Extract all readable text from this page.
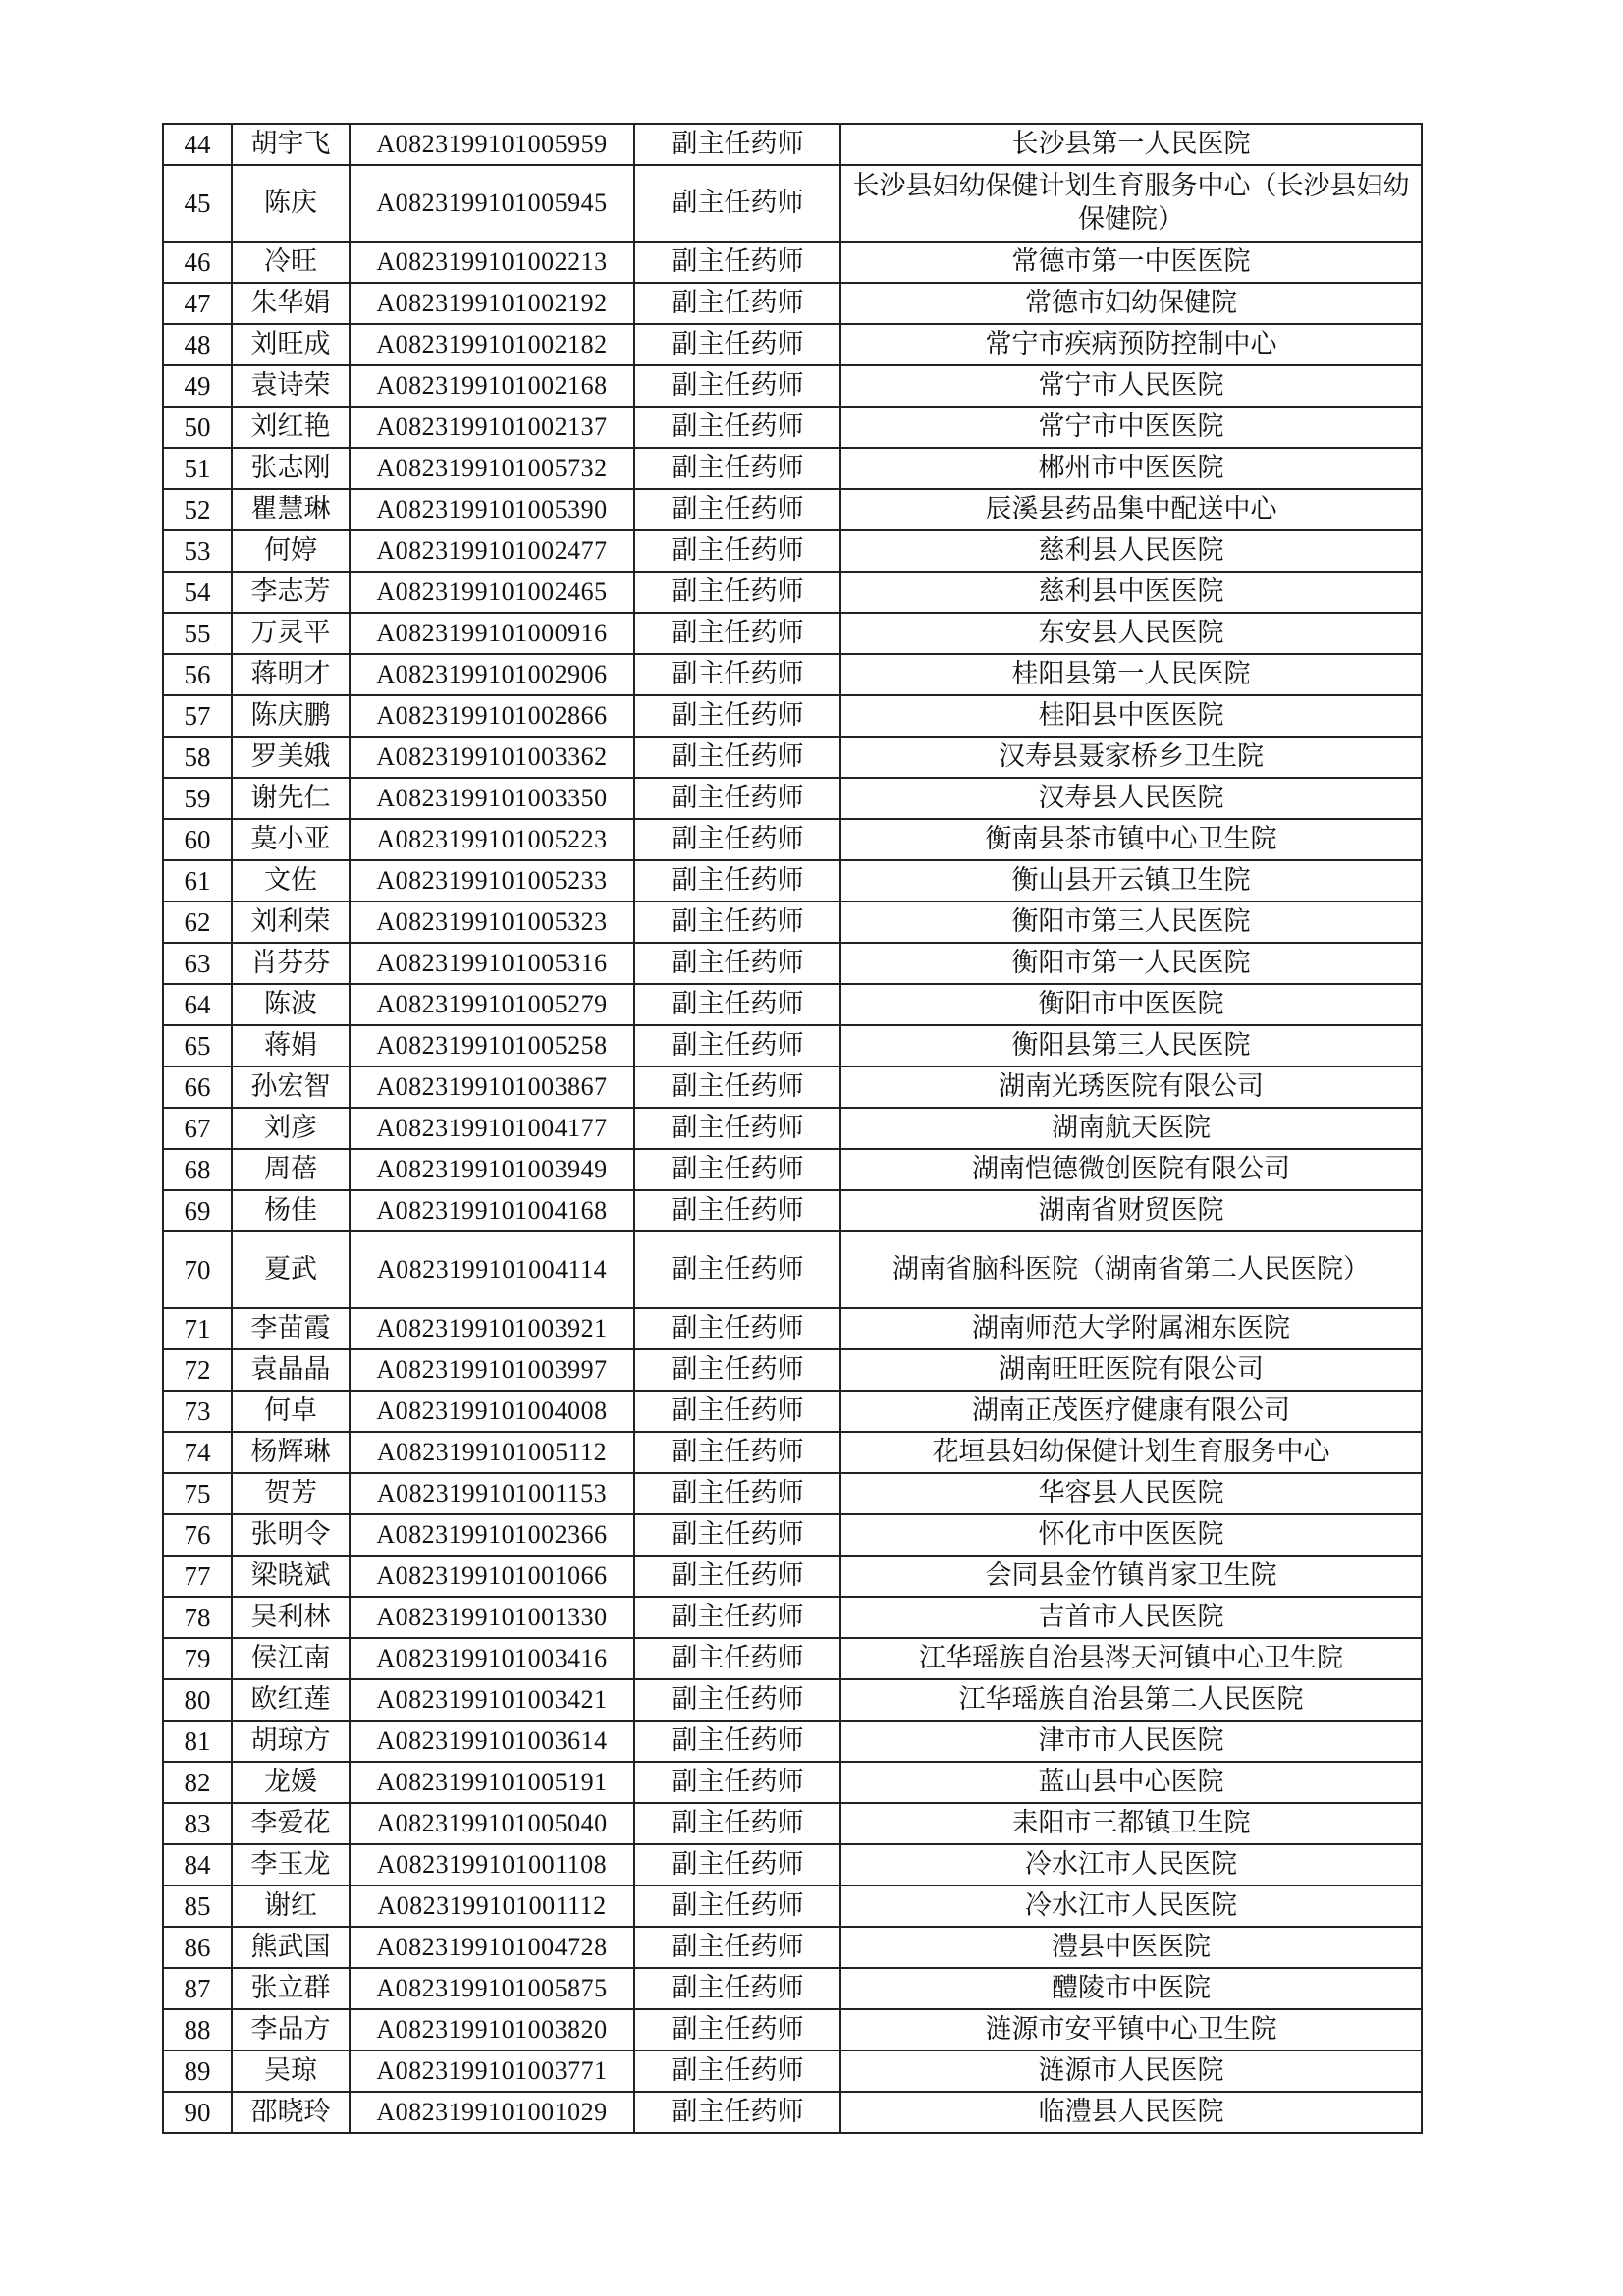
44	胡宇飞	A0823199101005959	副主任药师	长沙县第一人民医院
45	陈庆	A0823199101005945	副主任药师	长沙县妇幼保健计划生育服务中心（长沙县妇幼保健院）
46	冷旺	A0823199101002213	副主任药师	常德市第一中医医院
47	朱华娟	A0823199101002192	副主任药师	常德市妇幼保健院
48	刘旺成	A0823199101002182	副主任药师	常宁市疾病预防控制中心
49	袁诗荣	A0823199101002168	副主任药师	常宁市人民医院
50	刘红艳	A0823199101002137	副主任药师	常宁市中医医院
51	张志刚	A0823199101005732	副主任药师	郴州市中医医院
52	瞿慧琳	A0823199101005390	副主任药师	辰溪县药品集中配送中心
53	何婷	A0823199101002477	副主任药师	慈利县人民医院
54	李志芳	A0823199101002465	副主任药师	慈利县中医医院
55	万灵平	A0823199101000916	副主任药师	东安县人民医院
56	蒋明才	A0823199101002906	副主任药师	桂阳县第一人民医院
57	陈庆鹏	A0823199101002866	副主任药师	桂阳县中医医院
58	罗美娥	A0823199101003362	副主任药师	汉寿县聂家桥乡卫生院
59	谢先仁	A0823199101003350	副主任药师	汉寿县人民医院
60	莫小亚	A0823199101005223	副主任药师	衡南县茶市镇中心卫生院
61	文佐	A0823199101005233	副主任药师	衡山县开云镇卫生院
62	刘利荣	A0823199101005323	副主任药师	衡阳市第三人民医院
63	肖芬芬	A0823199101005316	副主任药师	衡阳市第一人民医院
64	陈波	A0823199101005279	副主任药师	衡阳市中医医院
65	蒋娟	A0823199101005258	副主任药师	衡阳县第三人民医院
66	孙宏智	A0823199101003867	副主任药师	湖南光琇医院有限公司
67	刘彦	A0823199101004177	副主任药师	湖南航天医院
68	周蓓	A0823199101003949	副主任药师	湖南恺德微创医院有限公司
69	杨佳	A0823199101004168	副主任药师	湖南省财贸医院
70	夏武	A0823199101004114	副主任药师	湖南省脑科医院（湖南省第二人民医院）
71	李苗霞	A0823199101003921	副主任药师	湖南师范大学附属湘东医院
72	袁晶晶	A0823199101003997	副主任药师	湖南旺旺医院有限公司
73	何卓	A0823199101004008	副主任药师	湖南正茂医疗健康有限公司
74	杨辉琳	A0823199101005112	副主任药师	花垣县妇幼保健计划生育服务中心
75	贺芳	A0823199101001153	副主任药师	华容县人民医院
76	张明令	A0823199101002366	副主任药师	怀化市中医医院
77	梁晓斌	A0823199101001066	副主任药师	会同县金竹镇肖家卫生院
78	吴利林	A0823199101001330	副主任药师	吉首市人民医院
79	侯江南	A0823199101003416	副主任药师	江华瑶族自治县涔天河镇中心卫生院
80	欧红莲	A0823199101003421	副主任药师	江华瑶族自治县第二人民医院
81	胡琼方	A0823199101003614	副主任药师	津市市人民医院
82	龙媛	A0823199101005191	副主任药师	蓝山县中心医院
83	李爱花	A0823199101005040	副主任药师	耒阳市三都镇卫生院
84	李玉龙	A0823199101001108	副主任药师	冷水江市人民医院
85	谢红	A0823199101001112	副主任药师	冷水江市人民医院
86	熊武国	A0823199101004728	副主任药师	澧县中医医院
87	张立群	A0823199101005875	副主任药师	醴陵市中医院
88	李品方	A0823199101003820	副主任药师	涟源市安平镇中心卫生院
89	吴琼	A0823199101003771	副主任药师	涟源市人民医院
90	邵晓玲	A0823199101001029	副主任药师	临澧县人民医院
